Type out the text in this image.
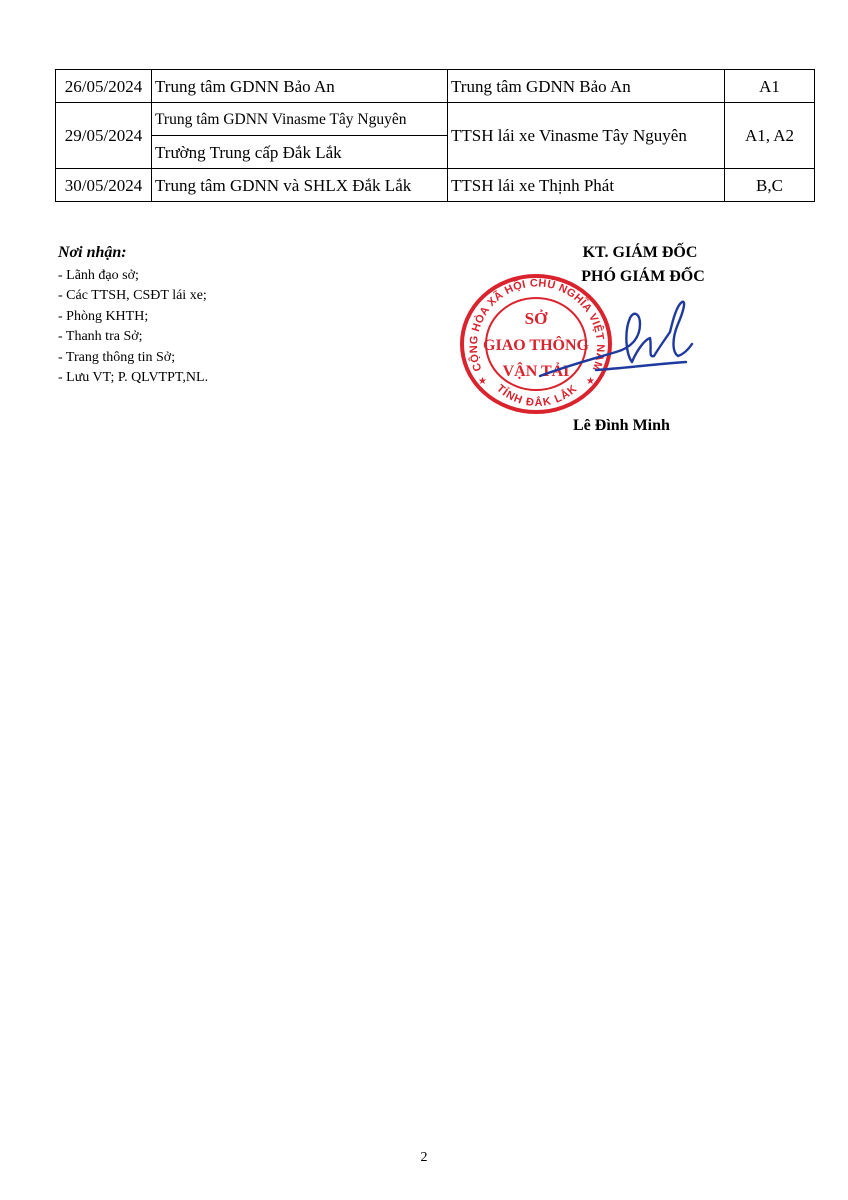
26/05/2024	Trung tâm GDNN Bảo An	Trung tâm GDNN Bảo An	A1
29/05/2024	Trung tâm GDNN Vinasme Tây Nguyên	TTSH lái xe Vinasme Tây Nguyên	A1, A2
	Trường Trung cấp Đắk Lắk		
30/05/2024	Trung tâm GDNN và SHLX Đắk Lắk	TTSH lái xe Thịnh Phát	B,C
Nơi nhận:
- Lãnh đạo sở;
- Các TTSH, CSĐT lái xe;
- Phòng KHTH;
- Thanh tra Sở;
- Trang thông tin Sở;
- Lưu VT; P. QLVTPT,NL.
KT. GIÁM ĐỐC
PHÓ GIÁM ĐỐC
CỘNG HÒA XÃ HỘI CHỦ NGHĨA VIỆT NAM
TỈNH ĐẮK LẮK
★	★
SỞ
GIAO THÔNG
VẬN TẢI
Lê Đình Minh
2
